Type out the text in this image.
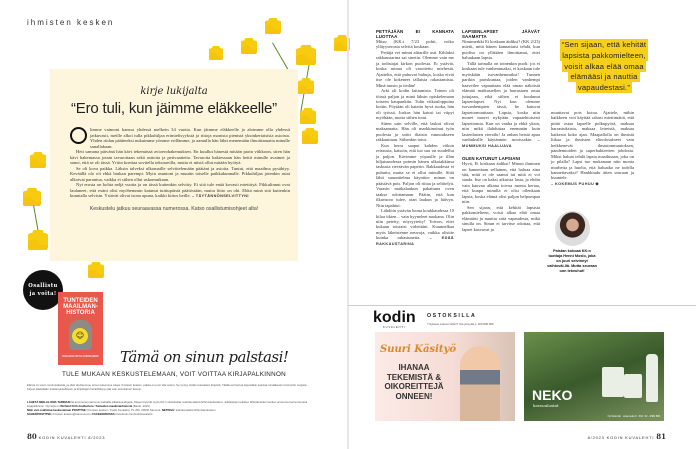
ihmisten kesken
kirje lukijalta
“Ero tuli, kun jäimme eläkkeelle”

limme vaimoni kanssa yhdessä melkein 34 vuotta. Kun jäimme eläkkeelle ja aloimme olla yhdessä jatkuvasti, meille alkoi tulla pikkuhiljaa erimielisyyksiä ja riitoja monista pienistä yksinkertaisista asioista. Yhden riidan päätteeksi nukuimme yömme erillämme, ja aamulla hän lähti menemään ilmoittamatta minulle sanallakaan.

Heti samana päivänä hän kävi tekemässä avioerohakemuksen. En kuullut hänestä mitään parin viikkoon, siten hän kävi hakemassa jotain tavaroitaan sekä astioita ja petivaatteita. Tavaroita hakiessaan hän heitti minulle avaimet ja sanoi, että se oli tässä. Yritin koettaa sovitella tekstareilla, mutta ei niistä ollut mitään hyötyä.

Se oli kova paikka. Läksin talveksi ulkomaille selvittelemään päätäni ja asioita. Tuntui, että maailma pysähtyy. Keväällä olo oli ehkä hiukan parempi. Myin asuntoni ja muutin toiselle paikkakunnalle. Pikkuhiljaa jotenkin asiat alkoivat parantua, vaikka ei siihen ollut uskomutkaan.

Nyt erosta on kohta neljä vuotta ja on tässä kuitenkin selvitty. Ei sitä tule enää kovasti mietittyä. Pikkulinnut ovat laulaneet, että exäni olisi myöhemmin katunut tuittupäistä päätöstään, mutta liitto on ohi. Ehkä minä sitä kuitenkin kunnialla selvisin. Ystävät olivat isona apuna, kaikki kiitos heille. – TÄYTÄNNÖNSELVITTYNI

Keskustelu jatkuu seuraavassa numerossa. Katso osallistumisohjeet alta!
Osallistu
ja voita!
TUNTEIDEN MAAILMAN-HISTORIA
☺
RICHARD FIRTH-GODBEHERE Tämä on sinun palstasi!
TULE MUKAAN KESKUSTELEMAAN, VOIT VOITTAA KIRJAPALKINNON
Elämä on usein monimutkaista, ja siksi tarvitsemme toinen toisemme tukea. Ihmisten kesken -palsta on juuri sitä varten. Se syntyy teidän tuleviaden kirjeistä. Täällä voit kertoa kipeistäkin asioista turvallisesti nimimerkin suojista. Kirjeet käsitellään luottamuksellisesti, ja kirjoittajan henkilöllisyys jää vain toimituksen tietoon.
LÄHETÄ MEILLE OMA TARINASI tai kommentoi aiemmin palstalla julkaistua kirjettä. Kirjeet löytyvät myös KK:n nettisivuilta: kodinkuvalehti.fi/ihmistenkesken. Julkaistujen tekstien lähettäneiden kesken arvomme kerran kuussa kirjapalkinnon. Nyt kirja on Richard Firth-Godbehere: Tunteiden maailmanhistoria (Bazar, 2023).
Näin voit osallistua keskusteluun POSTITSE: Ihmisten kesken / Kodin Kuvalehti, PL 200, 00040 Sanoma. NETISSÄ: kodinkuvalehti.fi/ihmistenkesken
SÄHKÖPOSTITSE: ihmisten.kesken@sanoma.com FACEBOOKISSA: facebook.com/kodinkuvalehti
80 KODIN KUVALEHTI 8/2023
PETTÄJÄÄN EI KANNATA LUOTTAA

Mitsu (KK:t 7/23 pohti, voiko ylläyyserosta selvitä koskaan.

Pettäjä vei minut alttarille asti. Kihlaksi rakkaustarina sai sinetin. Olemme vain me ja todistajat kirkon puolesta. Ei ystäviä, koska minua oli varoitettu miehestä. Ajattelin, että puhuvat huhuja, koska eivät itse ole kokeneet tällaista rakastamista. Minä tunsin ja tiedän!

Arki oli kodin laittamista. Toinen oli töissä paljon ja minä läksin opiskelemaan toiseen kaupunkiin. Tulin viikonloppuina kotiin. Pöytään oli katettu hyvä ruoka, hän oli työssä. Joskus hän katosi tai viipyi myöhään, mutta siihen totui.

Sitten sain selville, että laskut olivat maksamatta. Hän oli markkinoinut työn puolesta ja soitti iltaisin vannoakseen rakkauttaan. Siihenkin totui.

Kun herra saapui kahden viikon reissusta, katsoin, että tuo suu on suudellut ja paljon. Kävimme yöpuulle ja illan hiljaisuudessa poimin hänen ulkotakkinsa taskusta rievtävän paperin. Rakkaudesta ei puhuttu, mutta se ei ollut minulle. Siitä lähti suunnitelma käyntiin: minun on päästävä pois. Paljon oli riitaa ja selittelyä. Varasin matkalaukun pakattuna oven taakse odottamaan. Päätin, että kun ilkavuoro tulee, otan laukun ja häivyn. Niin tapahtui.

Lähdöin ystävän luona koukkaudessa 10 kiloa itkien – vain kyyneleet naokana. Olin niin petetty, nöyryytetty! Toivon, ettei kukaan toistaisi virhettäni. Kuunnelkaa myös läheistenne neuvoja, vaikka olisitte kuinka rakastuneita. – EDÄÄ RAKKAUSTARINA

LAPSENLAPSET JÄÄVÄT SAAMATTA

Nimimerkki Ei koskaan äidiksi? (KK 2/23) mietti, mitä hänen kannattaisi tehdä, kun puoliso on yllättäen ilmoittanut, ettei haluakaan lapsia.

Tällä tarinalla on toinenkin puoli: jos ei koskaan tule vanhemmaksi, ei koskaan tule myöskään isovanhemmiksi! Tunnen parikin pariskuntaa, joiden vanhempi haaveilee vapauttaan elää oman näköistä elämää matkustellen ja harrastaen omia juttujaan, eikä siihen ei kuulunut lapsenlapset. Nyt kun olemme isovanhempien iässä, he katuvat lapsettomuuttaan. Lapsia, koska niin monet nuoret nykyään vapaaehtoisesti lapsettomia. Kun on vanha ja ehkä yksin, niin mikä ilahduttaa enemmän kuin lastenlasten vierailu! Ja onhan heistä apua vanhuksille käytännön asioissakin. – MUMMUKSI HAALUAVA

OLEN KATUNUT LAPSIANI

Hyvä, Ei koskaan äidiksi! Minun ihminen on kannettaan sellainen, että haluaa aina sitä, mitä ei ole saanut tai mitä ei voi saada. Itse on kaksi aikuista lasta, ja ehdin vain kauvan alkana toivoa monta kertaa, että kunpa minulla ei olisi ollenkaan lapsia, koska elämä olisi paljon helpompaa niin.

Sen sijaan, että kehität lapsista pakkomielteen, voisit alkaa elää omaa elämääsi ja nauttia siitä vapaudesta, mikä sinulla on. Sinun ei tarvitse odottaa, että lapset kasvavat ja

“Sen sijaan, että kehität lapsista pakkomielteen, voisit alkaa elää omaa elämääsi ja nauttia vapaudestasi.”

muuttavat pois kotoa. Ajattele, mihin kaikkeen voit käyttää rahasi miettimättä, että pitää ostaa lapselle polkupyörä, maksaa harrastuksista, maksaa leireistä, maksaa kaikesta koko ajan. Maapallolla on ihmisiä liikaa ja ihmisten elinolosuhteet vain heikkenevät ilmastonmuutoksen, pandemioiden ja superbakteerien johdosta. Miksi haluat tehdä lapsia maailmaan, joka on jo pilalla? Lapsi tuo mukanaan niin monta murhetta ja huolta, että haluatko ne todella kannettavaksi? Hankkiudu ätien seuraan ja kuuntele.
– KOKEMUS PUHUU ◆

Palstan kokoaa KK:n tuottaja Henni Moslo, joka on juuri selvinnyt vaihtoväi-llä. Mutta seuraan oon tekeuhut!
kodin
KUVALEHTI
OSTOKSILLA
Yrityksesi mainos tähän? Ota yhteyttä p. 020 808 085.
Suuri Käsityö
IHANAA TEKEMISTÄ & OIKOREITTEJÄ ONNEEN!	NEKO
kasvualustat
Oy Neko Ab · www.neko.fi · Puh. 02 - 4382 800
8/2023 KODIN KUVALEHTI 81
